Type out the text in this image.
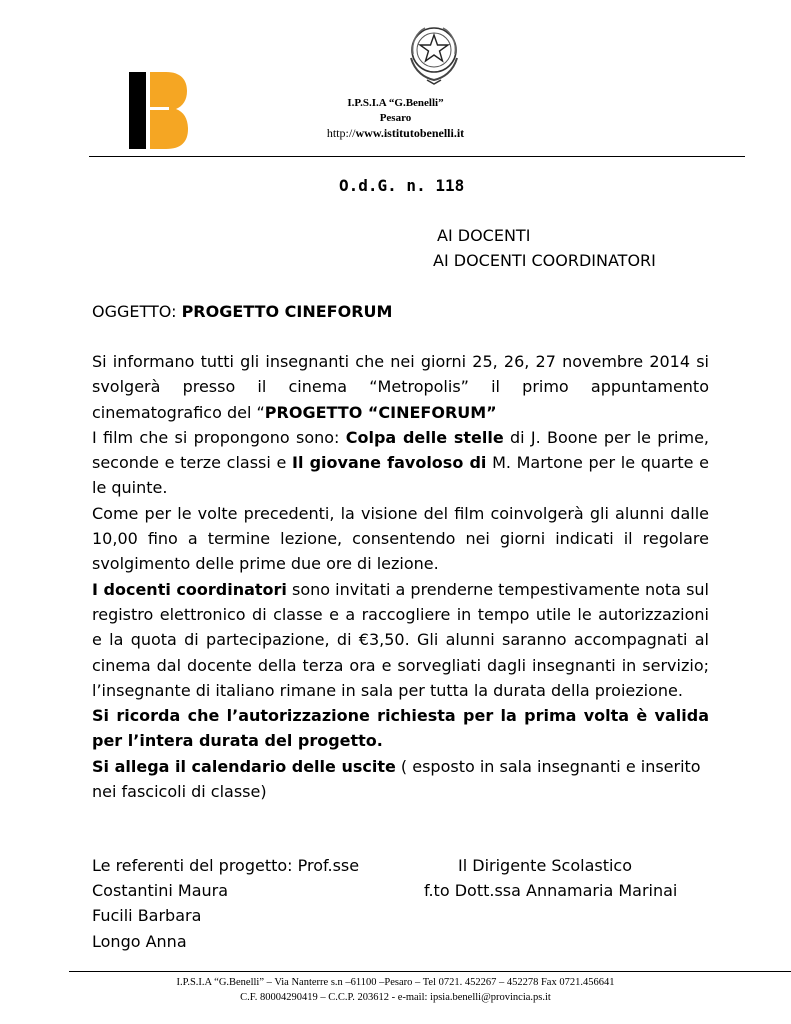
I.P.S.I.A “G.Benelli”
Pesaro
http://www.istitutobenelli.it
O.d.G. n. 118
AI DOCENTI
AI DOCENTI COORDINATORI
OGGETTO: PROGETTO CINEFORUM

Si informano tutti gli insegnanti che nei giorni 25, 26, 27 novembre 2014 si svolgerà presso il cinema “Metropolis” il primo appuntamento cinematografico del “PROGETTO “CINEFORUM”

I film che si propongono sono: Colpa delle stelle di J. Boone per le prime, seconde e terze classi e Il giovane favoloso di M. Martone per le quarte e le quinte.

Come per le volte precedenti, la visione del film coinvolgerà gli alunni dalle 10,00 fino a termine lezione, consentendo nei giorni indicati il regolare svolgimento delle prime due ore di lezione.

I docenti coordinatori sono invitati a prenderne tempestivamente nota sul registro elettronico di classe e a raccogliere in tempo utile le autorizzazioni e la quota di partecipazione, di €3,50. Gli alunni saranno accompagnati al cinema dal docente della terza ora e sorvegliati dagli insegnanti in servizio; l’insegnante di italiano rimane in sala per tutta la durata della proiezione.

Si ricorda che l’autorizzazione richiesta per la prima volta è valida per l’intera durata del progetto.

Si allega il calendario delle uscite ( esposto in sala insegnanti e inserito nei fascicoli di classe)

Le referenti del progetto: Prof.sse	Il Dirigente Scolastico
Costantini Maura	f.to Dott.ssa Annamaria Marinai
Fucili Barbara
Longo Anna
I.P.S.I.A “G.Benelli” – Via Nanterre s.n –61100 –Pesaro – Tel 0721. 452267 – 452278 Fax 0721.456641
C.F. 80004290419 – C.C.P. 203612 - e-mail: ipsia.benelli@provincia.ps.it
